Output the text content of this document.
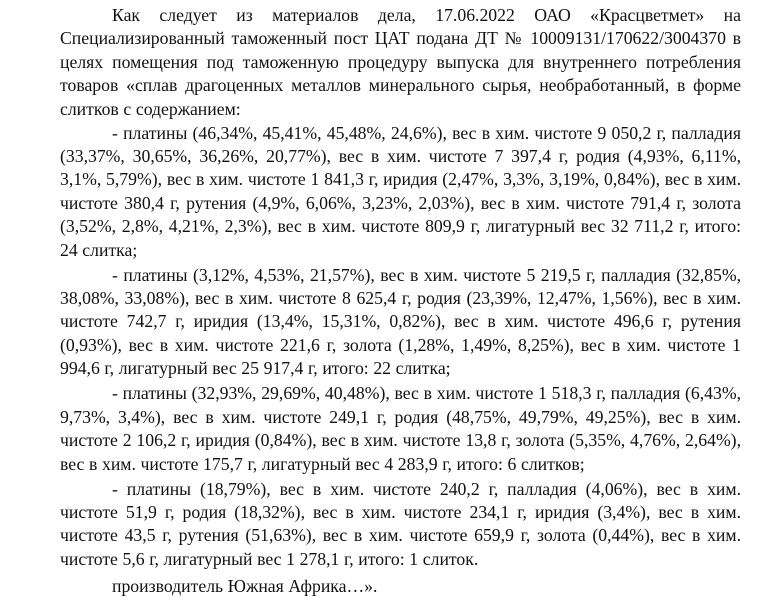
Как следует из материалов дела, 17.06.2022 ОАО «Красцветмет» на Специализированный таможенный пост ЦАТ подана ДТ № 10009131/170622/3004370 в целях помещения под таможенную процедуру выпуска для внутреннего потребления товаров «сплав драгоценных металлов минерального сырья, необработанный, в форме слитков с содержанием:

- платины (46,34%, 45,41%, 45,48%, 24,6%), вес в хим. чистоте 9 050,2 г, палладия (33,37%, 30,65%, 36,26%, 20,77%), вес в хим. чистоте 7 397,4 г, родия (4,93%, 6,11%, 3,1%, 5,79%), вес в хим. чистоте 1 841,3 г, иридия (2,47%, 3,3%, 3,19%, 0,84%), вес в хим. чистоте 380,4 г, рутения (4,9%, 6,06%, 3,23%, 2,03%), вес в хим. чистоте 791,4 г, золота (3,52%, 2,8%, 4,21%, 2,3%), вес в хим. чистоте 809,9 г, лигатурный вес 32 711,2 г, итого: 24 слитка;

- платины (3,12%, 4,53%, 21,57%), вес в хим. чистоте 5 219,5 г, палладия (32,85%, 38,08%, 33,08%), вес в хим. чистоте 8 625,4 г, родия (23,39%, 12,47%, 1,56%), вес в хим. чистоте 742,7 г, иридия (13,4%, 15,31%, 0,82%), вес в хим. чистоте 496,6 г, рутения (0,93%), вес в хим. чистоте 221,6 г, золота (1,28%, 1,49%, 8,25%), вес в хим. чистоте 1 994,6 г, лигатурный вес 25 917,4 г, итого: 22 слитка;

- платины (32,93%, 29,69%, 40,48%), вес в хим. чистоте 1 518,3 г, палладия (6,43%, 9,73%, 3,4%), вес в хим. чистоте 249,1 г, родия (48,75%, 49,79%, 49,25%), вес в хим. чистоте 2 106,2 г, иридия (0,84%), вес в хим. чистоте 13,8 г, золота (5,35%, 4,76%, 2,64%), вес в хим. чистоте 175,7 г, лигатурный вес 4 283,9 г, итого: 6 слитков;

- платины (18,79%), вес в хим. чистоте 240,2 г, палладия (4,06%), вес в хим. чистоте 51,9 г, родия (18,32%), вес в хим. чистоте 234,1 г, иридия (3,4%), вес в хим. чистоте 43,5 г, рутения (51,63%), вес в хим. чистоте 659,9 г, золота (0,44%), вес в хим. чистоте 5,6 г, лигатурный вес 1 278,1 г, итого: 1 слиток.

производитель Южная Африка…».
